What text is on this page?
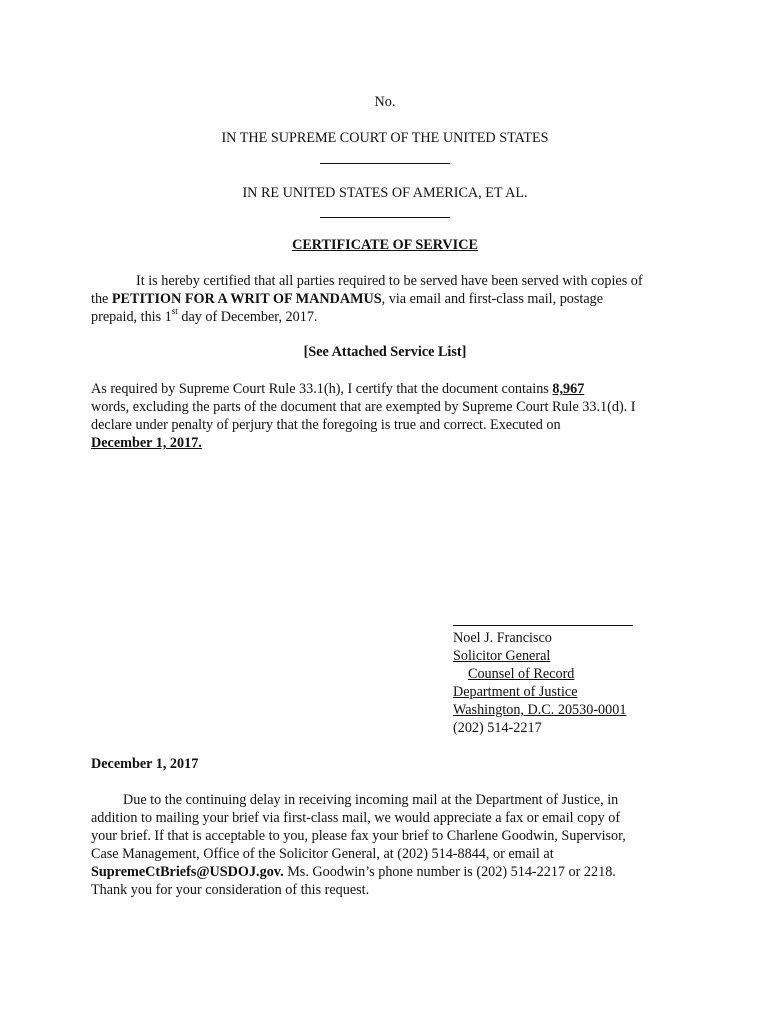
No.
IN THE SUPREME COURT OF THE UNITED STATES
IN RE UNITED STATES OF AMERICA, ET AL.
CERTIFICATE OF SERVICE
It is hereby certified that all parties required to be served have been served with copies of
the PETITION FOR A WRIT OF MANDAMUS, via email and first-class mail, postage
prepaid, this 1st day of December, 2017.
[See Attached Service List]
As required by Supreme Court Rule 33.1(h), I certify that the document contains 8,967
words, excluding the parts of the document that are exempted by Supreme Court Rule 33.1(d). I
declare under penalty of perjury that the foregoing is true and correct. Executed on
December 1, 2017.
Noel J. Francisco
Solicitor General
Counsel of Record
Department of Justice
Washington, D.C. 20530-0001
(202) 514-2217
December 1, 2017
Due to the continuing delay in receiving incoming mail at the Department of Justice, in
addition to mailing your brief via first-class mail, we would appreciate a fax or email copy of
your brief. If that is acceptable to you, please fax your brief to Charlene Goodwin, Supervisor,
Case Management, Office of the Solicitor General, at (202) 514-8844, or email at
SupremeCtBriefs@USDOJ.gov. Ms. Goodwin’s phone number is (202) 514-2217 or 2218.
Thank you for your consideration of this request.
